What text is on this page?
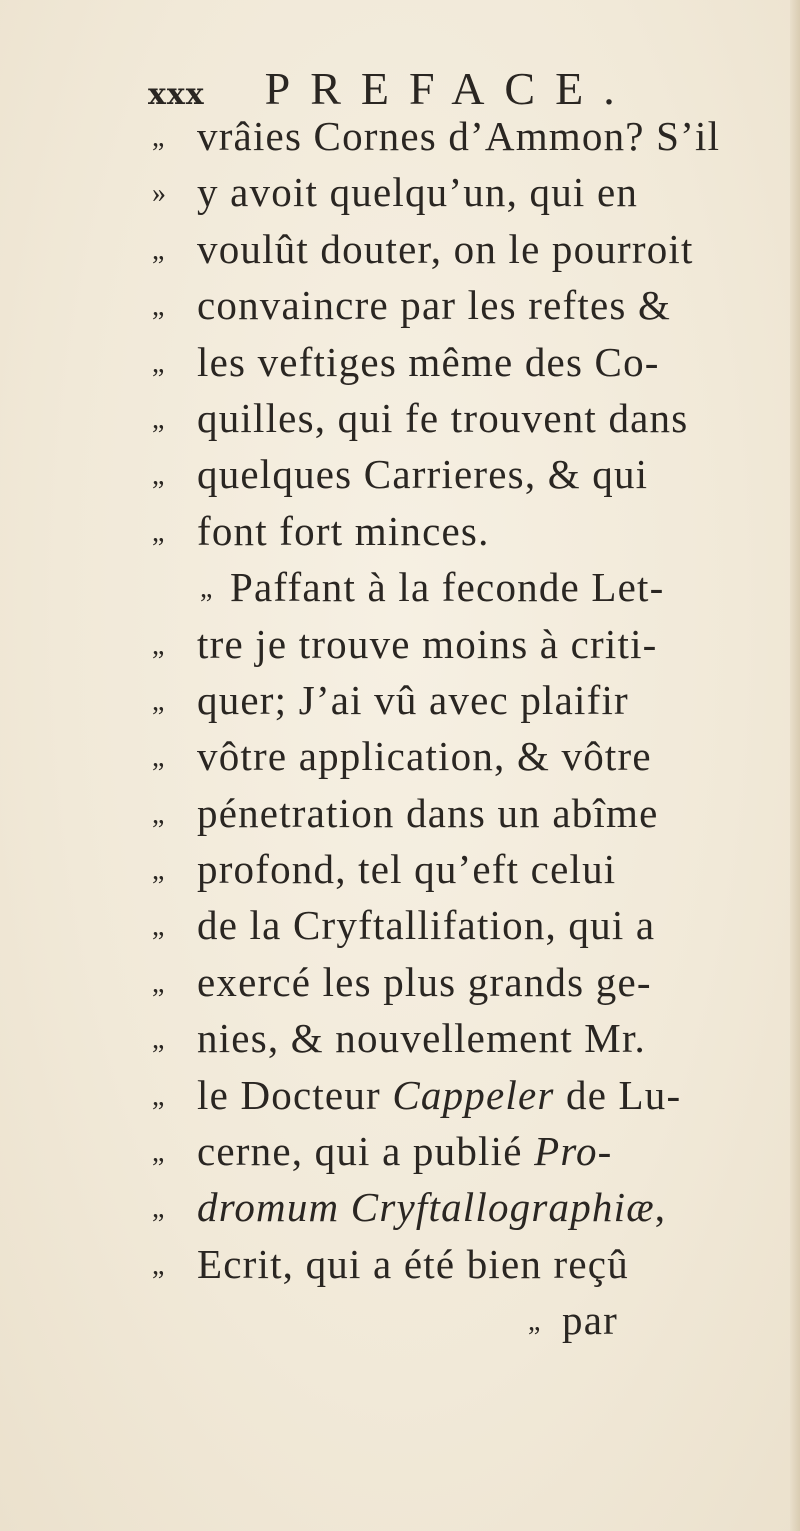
xxx PREFACE.
„ vrâies Cornes d’Ammon? S’il
» y avoit quelqu’un, qui en
„ voulût douter, on le pourroit
„ convaincre par les reftes &
„ les veftiges même des Co-
„ quilles, qui fe trouvent dans
„ quelques Carrieres, & qui
„ font fort minces.
„ Paffant à la feconde Let-
„ tre je trouve moins à criti-
„ quer; J’ai vû avec plaifir
„ vôtre application, & vôtre
„ pénetration dans un abîme
„ profond, tel qu’eft celui
„ de la Cryftallifation, qui a
„ exercé les plus grands ge-
„ nies, & nouvellement Mr.
„ le Docteur Cappeler de Lu-
„ cerne, qui a publié Pro-
„ dromum Cryftallographiæ,
„ Ecrit, qui a été bien reçû
„ par
